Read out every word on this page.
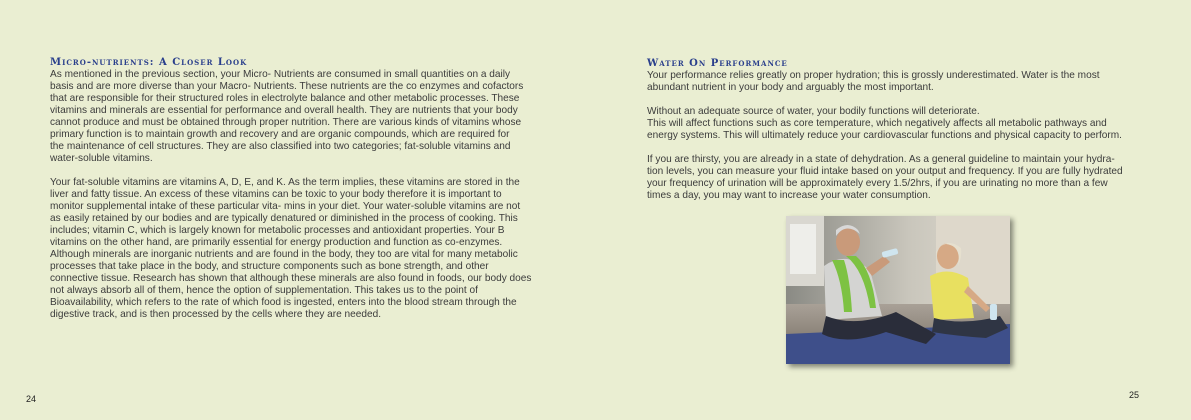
Micro-nutrients: A Closer Look
As mentioned in the previous section, your Micro- Nutrients are consumed in small quantities on a daily
basis and are more diverse than your Macro- Nutrients. These nutrients are the co enzymes and cofactors
that are responsible for their structured roles in electrolyte balance and other metabolic processes. These
vitamins and minerals are essential for performance and overall health. They are nutrients that your body
cannot produce and must be obtained through proper nutrition. There are various kinds of vitamins whose
primary function is to maintain growth and recovery and are organic compounds, which are required for
the maintenance of cell structures. They are also classified into two categories; fat-soluble vitamins and
water-soluble vitamins.
Your fat-soluble vitamins are vitamins A, D, E, and K. As the term implies, these vitamins are stored in the
liver and fatty tissue. An excess of these vitamins can be toxic to your body therefore it is important to
monitor supplemental intake of these particular vita- mins in your diet. Your water-soluble vitamins are not
as easily retained by our bodies and are typically denatured or diminished in the process of cooking. This
includes; vitamin C, which is largely known for metabolic processes and antioxidant properties. Your B
vitamins on the other hand, are primarily essential for energy production and function as co-enzymes.
Although minerals are inorganic nutrients and are found in the body, they too are vital for many metabolic
processes that take place in the body, and structure components such as bone strength, and other
connective tissue. Research has shown that although these minerals are also found in foods, our body does
not always absorb all of them, hence the option of supplementation. This takes us to the point of
Bioavailability, which refers to the rate of which food is ingested, enters into the blood stream through the
digestive track, and is then processed by the cells where they are needed.
24
Water On Performance
Your performance relies greatly on proper hydration; this is grossly underestimated. Water is the most
abundant nutrient in your body and arguably the most important.
Without an adequate source of water, your bodily functions will deteriorate.
This will affect functions such as core temperature, which negatively affects all metabolic pathways and
energy systems. This will ultimately reduce your cardiovascular functions and physical capacity to perform.
If you are thirsty, you are already in a state of dehydration. As a general guideline to maintain your hydra-
tion levels, you can measure your fluid intake based on your output and frequency. If you are fully hydrated
your frequency of urination will be approximately every 1.5/2hrs, if you are urinating no more than a few
times a day, you may want to increase your water consumption.
25
